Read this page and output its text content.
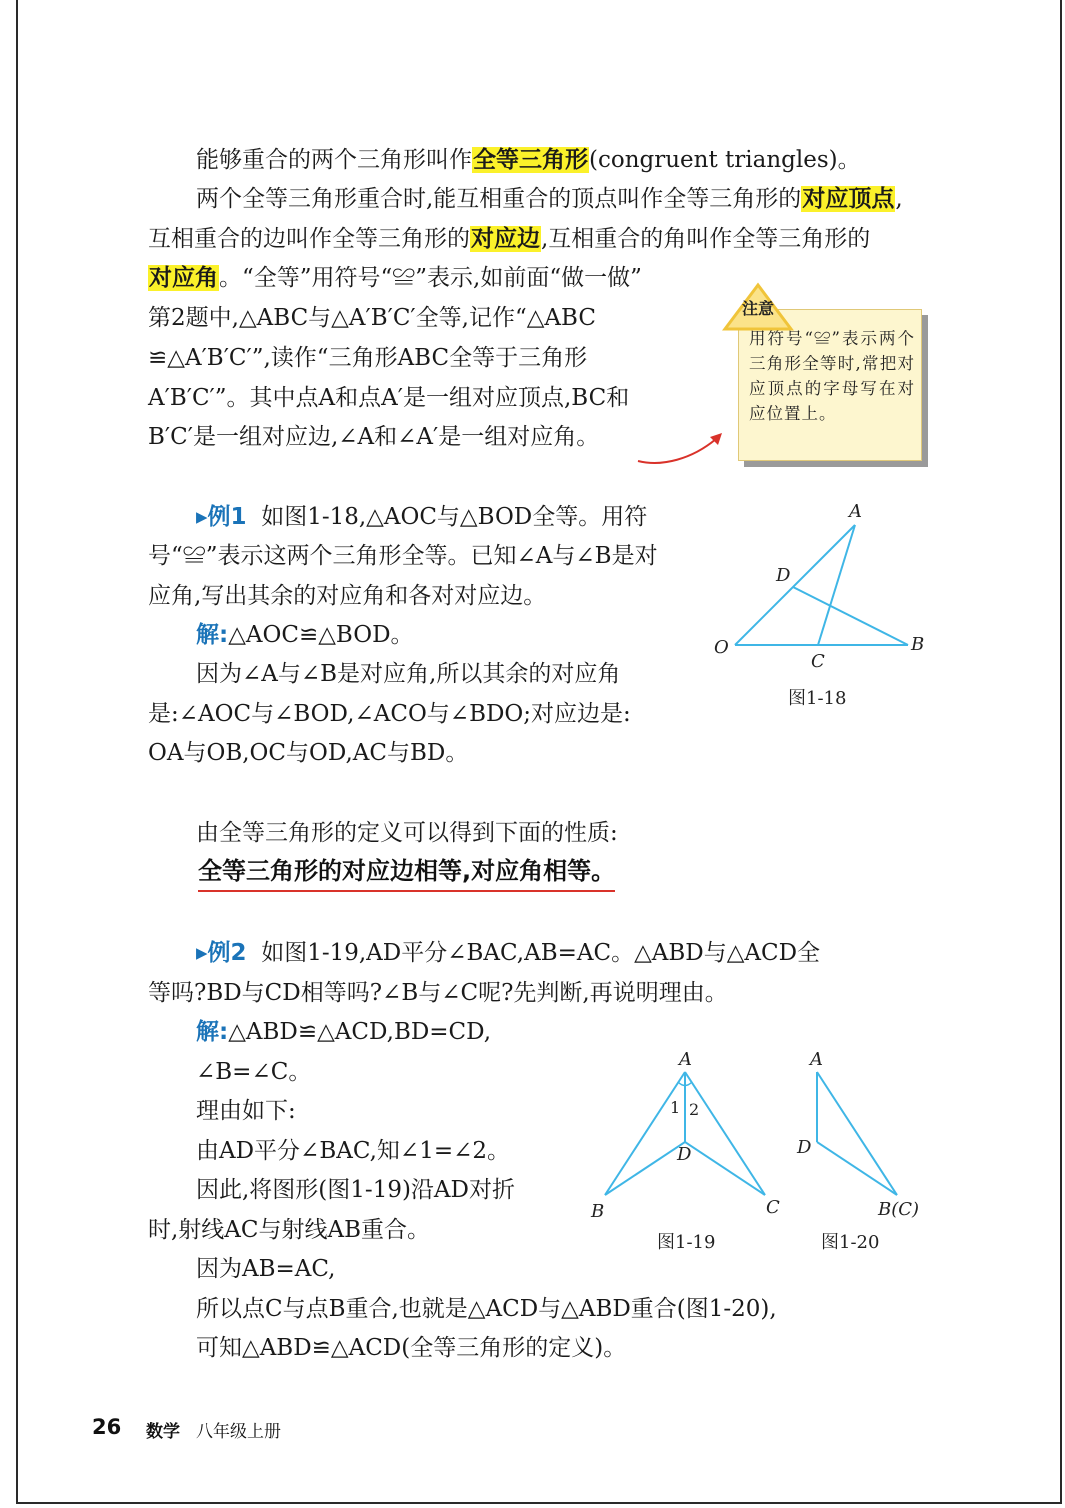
能够重合的两个三角形叫作全等三角形(congruent triangles)。
两个全等三角形重合时,能互相重合的顶点叫作全等三角形的对应顶点,
互相重合的边叫作全等三角形的对应边,互相重合的角叫作全等三角形的
对应角。“全等”用符号“≌”表示,如前面“做一做”
第2题中,△ABC与△A′B′C′全等,记作“△ABC
≌△A′B′C′”,读作“三角形ABC全等于三角形
A′B′C′”。其中点A和点A′是一组对应顶点,BC和
B′C′是一组对应边,∠A和∠A′是一组对应角。
用符号“≌”表示两个三角形全等时,常把对应顶点的字母写在对应位置上。
注意
▸例1 如图1-18,△AOC与△BOD全等。用符
号“≌”表示这两个三角形全等。已知∠A与∠B是对
应角,写出其余的对应角和各对对应边。
解:△AOC≌△BOD。
因为∠A与∠B是对应角,所以其余的对应角
是:∠AOC与∠BOD,∠ACO与∠BDO;对应边是:
OA与OB,OC与OD,AC与BD。
A
D
O
C
B
图1-18
由全等三角形的定义可以得到下面的性质:
全等三角形的对应边相等,对应角相等。
▸例2 如图1-19,AD平分∠BAC,AB=AC。△ABD与△ACD全
等吗?BD与CD相等吗?∠B与∠C呢?先判断,再说明理由。
解:△ABD≌△ACD,BD=CD,
∠B=∠C。
理由如下:
由AD平分∠BAC,知∠1=∠2。
因此,将图形(图1-19)沿AD对折
时,射线AC与射线AB重合。
因为AB=AC,
所以点C与点B重合,也就是△ACD与△ABD重合(图1-20),
可知△ABD≌△ACD(全等三角形的定义)。
A
1 2
D
B	C
图1-19
A
D
B(C)
图1-20
26 数学 八年级上册
